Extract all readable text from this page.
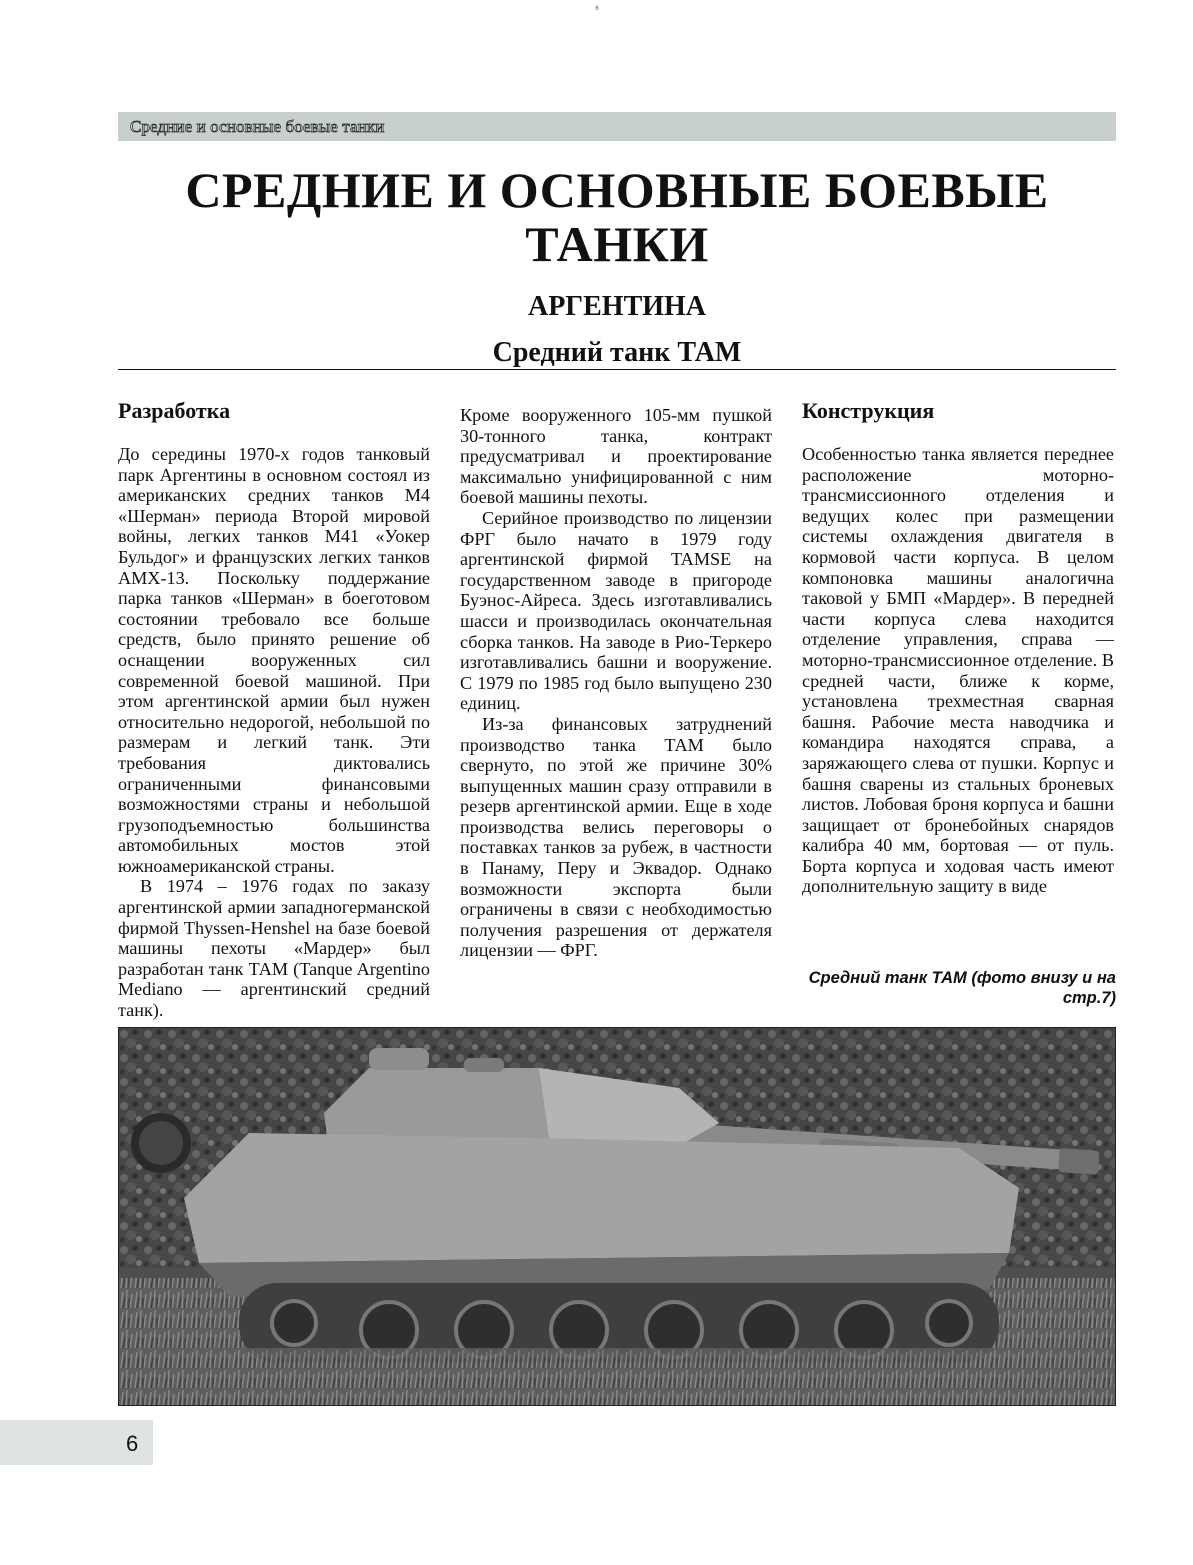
6
Средние и основные боевые танки
СРЕДНИЕ И ОСНОВНЫЕ БОЕВЫЕ ТАНКИ
АРГЕНТИНА
Средний танк ТАМ
Разработка

До середины 1970-х годов танковый парк Аргентины в основном состоял из американских средних танков М4 «Шерман» периода Второй мировой войны, легких танков М41 «Уокер Бульдог» и французских легких танков АМХ-13. Поскольку поддержание парка танков «Шерман» в боеготовом состоянии требовало все больше средств, было принято решение об оснащении вооруженных сил современной боевой машиной. При этом аргентинской армии был нужен относительно недорогой, небольшой по размерам и легкий танк. Эти требования диктовались ограниченными финансовыми возможностями страны и небольшой грузоподъемностью большинства автомобильных мостов этой южноамериканской страны.

В 1974 – 1976 годах по заказу аргентинской армии западногерманской фирмой Thyssen-Henshel на базе боевой машины пехоты «Мардер» был разработан танк ТАМ (Tanque Argentino Mediano — аргентинский средний танк).

Кроме вооруженного 105-мм пушкой 30-тонного танка, контракт предусматривал и проектирование максимально унифицированной с ним боевой машины пехоты.

Серийное производство по лицензии ФРГ было начато в 1979 году аргентинской фирмой TAMSE на государственном заводе в пригороде Буэнос-Айреса. Здесь изготавливались шасси и производилась окончательная сборка танков. На заводе в Рио-Теркеро изготавливались башни и вооружение. С 1979 по 1985 год было выпущено 230 единиц.

Из-за финансовых затруднений производство танка ТАМ было свернуто, по этой же причине 30% выпущенных машин сразу отправили в резерв аргентинской армии. Еще в ходе производства велись переговоры о поставках танков за рубеж, в частности в Панаму, Перу и Эквадор. Однако возможности экспорта были ограничены в связи с необходимостью получения разрешения от держателя лицензии — ФРГ.

Конструкция

Особенностью танка является переднее расположение моторно-трансмиссионного отделения и ведущих колес при размещении системы охлаждения двигателя в кормовой части корпуса. В целом компоновка машины аналогична таковой у БМП «Мардер». В передней части корпуса слева находится отделение управления, справа — моторно-трансмиссионное отделение. В средней части, ближе к корме, установлена трехместная сварная башня. Рабочие места наводчика и командира находятся справа, а заряжающего слева от пушки. Корпус и башня сварены из стальных броневых листов. Лобовая броня корпуса и башни защищает от бронебойных снарядов калибра 40 мм, бортовая — от пуль. Борта корпуса и ходовая часть имеют дополнительную защиту в виде

Средний танк ТАМ (фото внизу и на стр.7)

6
